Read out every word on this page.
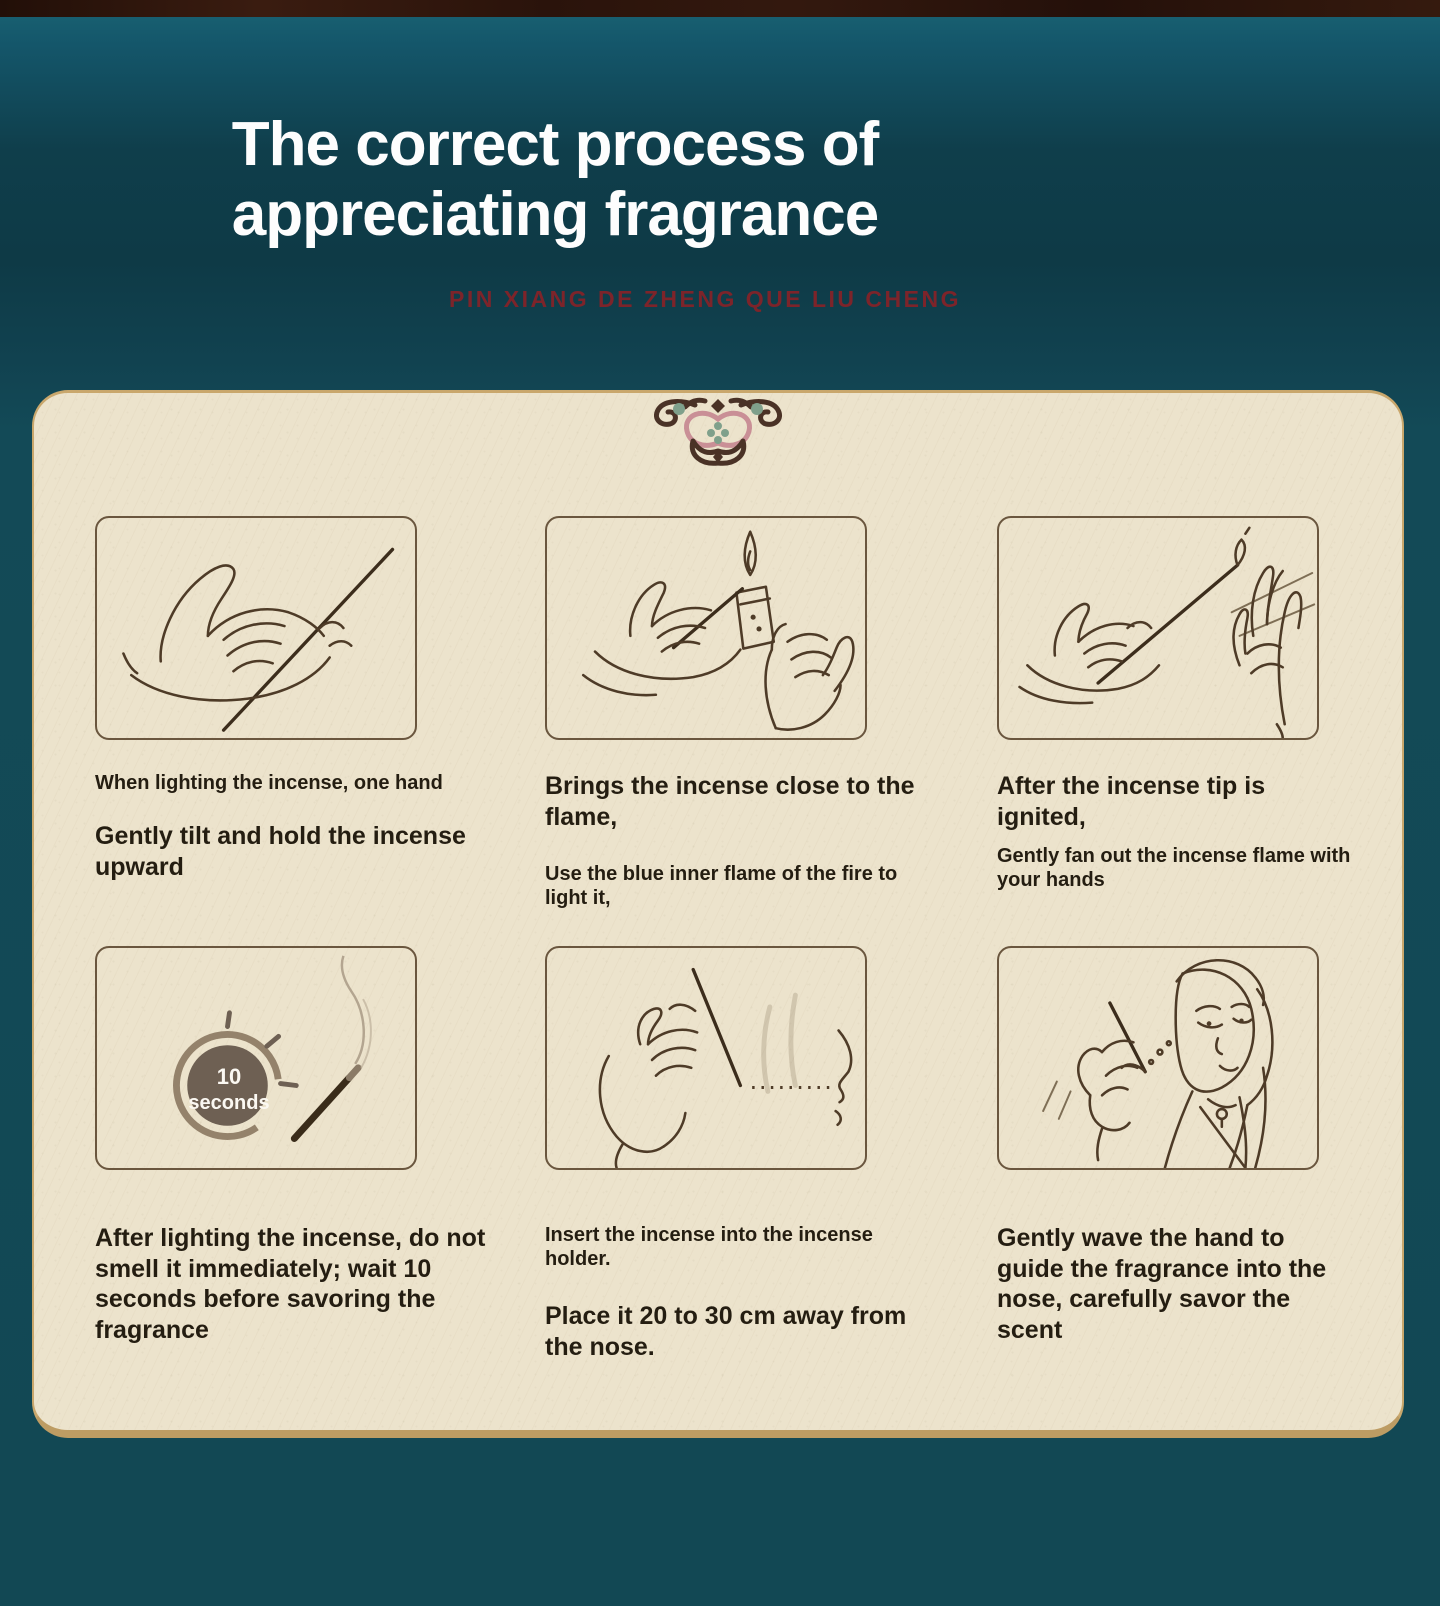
The correct process of
appreciating fragrance
PIN XIANG DE ZHENG QUE LIU CHENG
When lighting the incense, one hand
Gently tilt and hold the incense upward
Brings the incense close to the flame,
Use the blue inner flame of the fire to light it,
After the incense tip is ignited,
Gently fan out the incense flame with your hands
10
seconds
After lighting the incense, do not smell it immediately; wait 10 seconds before savoring the fragrance
Insert the incense into the incense holder.
Place it 20 to 30 cm away from the nose.
Gently wave the hand to guide the fragrance into the nose, carefully savor the scent
